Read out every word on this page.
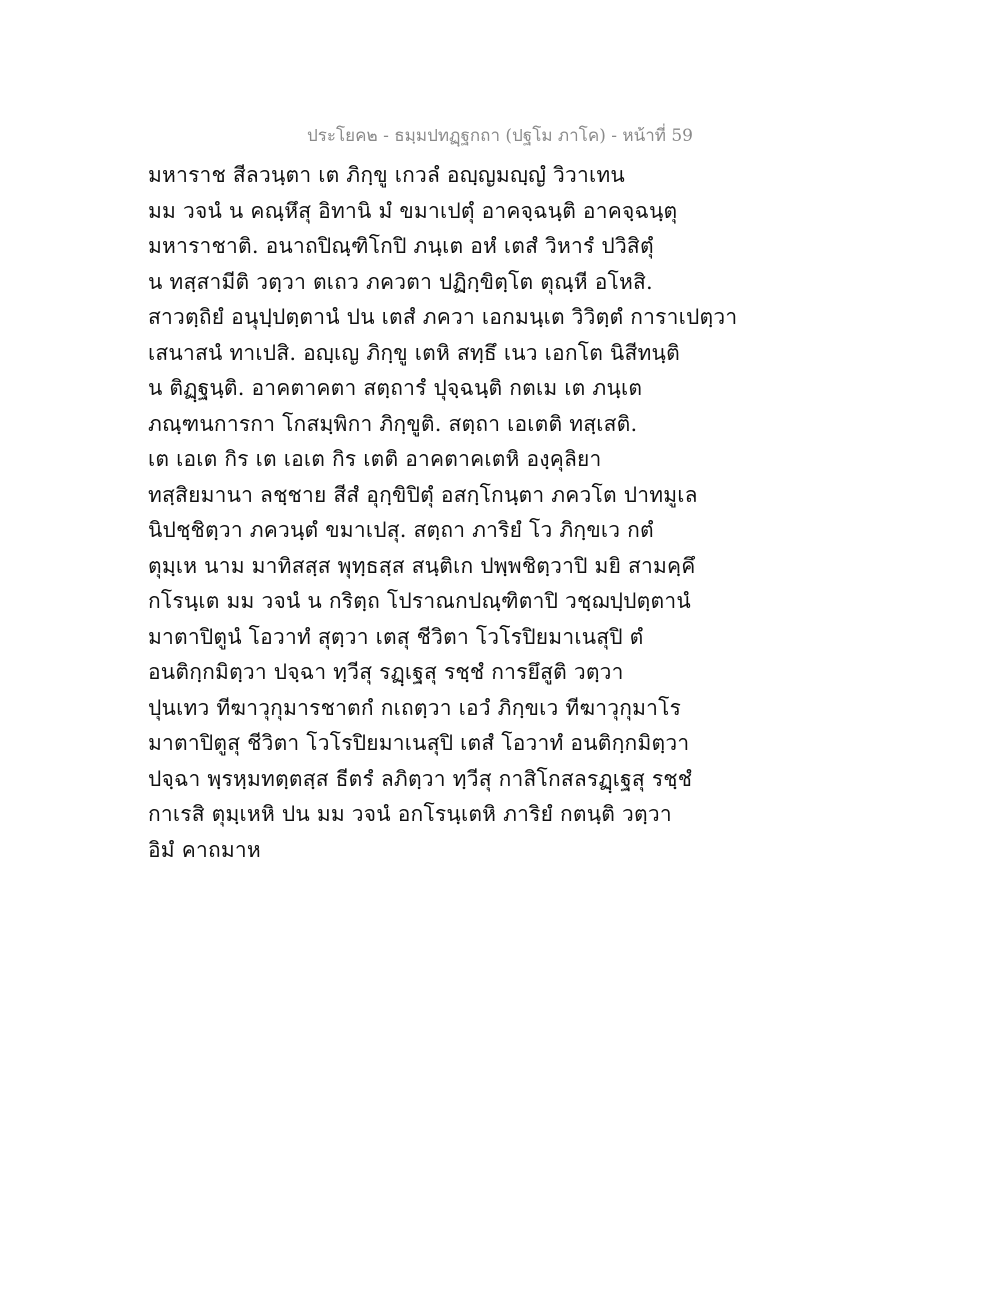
ประโยค๒ - ธมฺมปทฏฺฐกถา (ปฐโม ภาโค) - หน้าที่ 59
มหาราช สีลวนฺตา เต ภิกฺขู เกวลํ อญฺญมญฺญํ วิวาเทน
มม วจนํ น คณฺหึสุ อิทานิ มํ ขมาเปตุํ อาคจฺฉนฺติ อาคจฺฉนฺตุ
มหาราชาติ. อนาถปิณฺฑิโกปิ ภนฺเต อหํ เตสํ วิหารํ ปวิสิตุํ
น ทสฺสามีติ วตฺวา ตเถว ภควตา ปฏิกฺขิตฺโต ตุณฺหี อโหสิ.
สาวตฺถิยํ อนุปฺปตฺตานํ ปน เตสํ ภควา เอกมนฺเต วิวิตฺตํ การาเปตฺวา
เสนาสนํ ทาเปสิ. อญฺเญ ภิกฺขู เตหิ สทฺธึ เนว เอกโต นิสีทนฺติ
น ติฏฺฐนฺติ. อาคตาคตา สตฺถารํ ปุจฺฉนฺติ กตเม เต ภนฺเต
ภณฺฑนการกา โกสมฺพิกา ภิกฺขูติ. สตฺถา เอเตติ ทสฺเสติ.
เต เอเต กิร เต เอเต กิร เตติ อาคตาคเตหิ องฺคุลิยา
ทสฺสิยมานา ลชฺชาย สีสํ อุกฺขิปิตุํ อสกฺโกนฺตา ภควโต ปาทมูเล
นิปชฺชิตฺวา ภควนฺตํ ขมาเปสุ. สตฺถา ภาริยํ โว ภิกฺขเว กตํ
ตุมฺเห นาม มาทิสสฺส พุทฺธสฺส สนฺติเก ปพฺพชิตฺวาปิ มยิ สามคฺคึ
กโรนฺเต มม วจนํ น กริตฺถ โปราณกปณฺฑิตาปิ วชฺฌปฺปตฺตานํ
มาตาปิตูนํ โอวาทํ สุตฺวา เตสุ ชีวิตา โวโรปิยมาเนสุปิ ตํ
อนติกฺกมิตฺวา ปจฺฉา ทฺวีสุ รฏฺเฐสุ รชฺชํ การยึสูติ วตฺวา
ปุนเทว ทีฆาวุกุมารชาตกํ กเถตฺวา เอวํ ภิกฺขเว ทีฆาวุกุมาโร
มาตาปิตูสุ ชีวิตา โวโรปิยมาเนสุปิ เตสํ โอวาทํ อนติกฺกมิตฺวา
ปจฺฉา พฺรหฺมทตฺตสฺส ธีตรํ ลภิตฺวา ทฺวีสุ กาสิโกสลรฏฺเฐสุ รชฺชํ
กาเรสิ ตุมฺเหหิ ปน มม วจนํ อกโรนฺเตหิ ภาริยํ กตนฺติ วตฺวา
อิมํ คาถมาห
